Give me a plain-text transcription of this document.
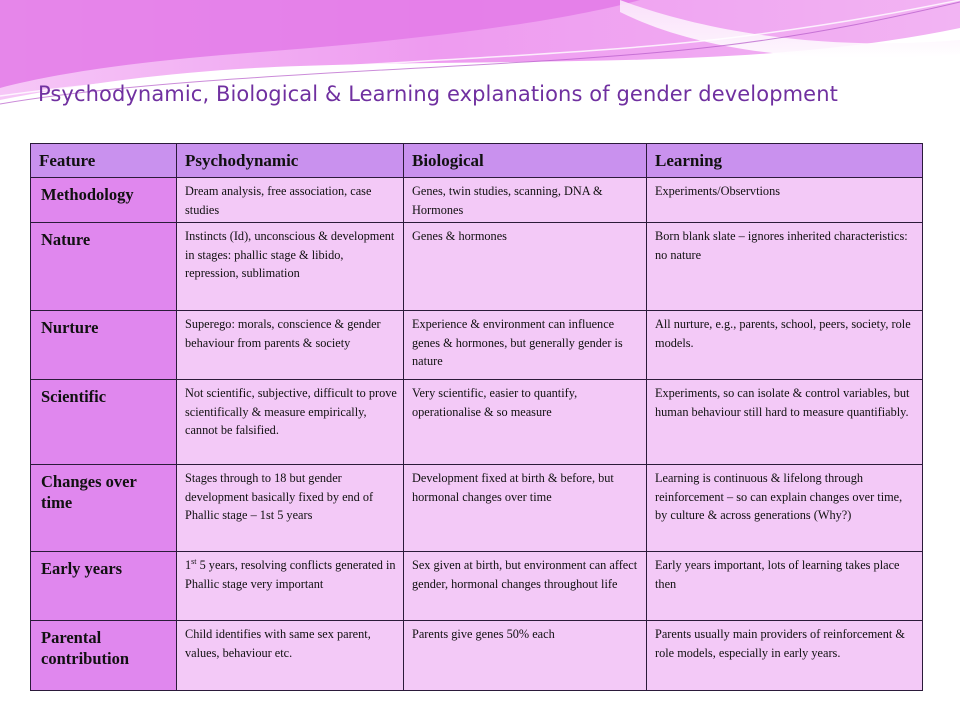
Psychodynamic, Biological & Learning explanations of gender development
Feature	Psychodynamic	Biological	Learning
Methodology	Dream analysis, free association, case studies	Genes, twin studies, scanning, DNA & Hormones	Experiments/Observtions
Nature	Instincts (Id), unconscious & development in stages: phallic stage & libido, repression, sublimation	Genes & hormones	Born blank slate – ignores inherited characteristics: no nature
Nurture	Superego: morals, conscience & gender behaviour from parents & society	Experience & environment can influence genes & hormones, but generally gender is nature	All nurture, e.g., parents, school, peers, society, role models.
Scientific	Not scientific, subjective, difficult to prove scientifically & measure empirically, cannot be falsified.	Very scientific, easier to quantify, operationalise & so measure	Experiments, so can isolate & control variables, but human behaviour still hard to measure quantifiably.
Changes over time	Stages through to 18 but gender development basically fixed by end of Phallic stage – 1st 5 years	Development fixed at birth & before, but hormonal changes over time	Learning is continuous & lifelong through reinforcement – so can explain changes over time, by culture & across generations (Why?)
Early years	1st 5 years, resolving conflicts generated in Phallic stage very important	Sex given at birth, but environment can affect gender, hormonal changes throughout life	Early years important, lots of learning takes place then
Parental contribution	Child identifies with same sex parent, values, behaviour etc.	Parents give genes 50% each	Parents usually main providers of reinforcement & role models, especially in early years.
